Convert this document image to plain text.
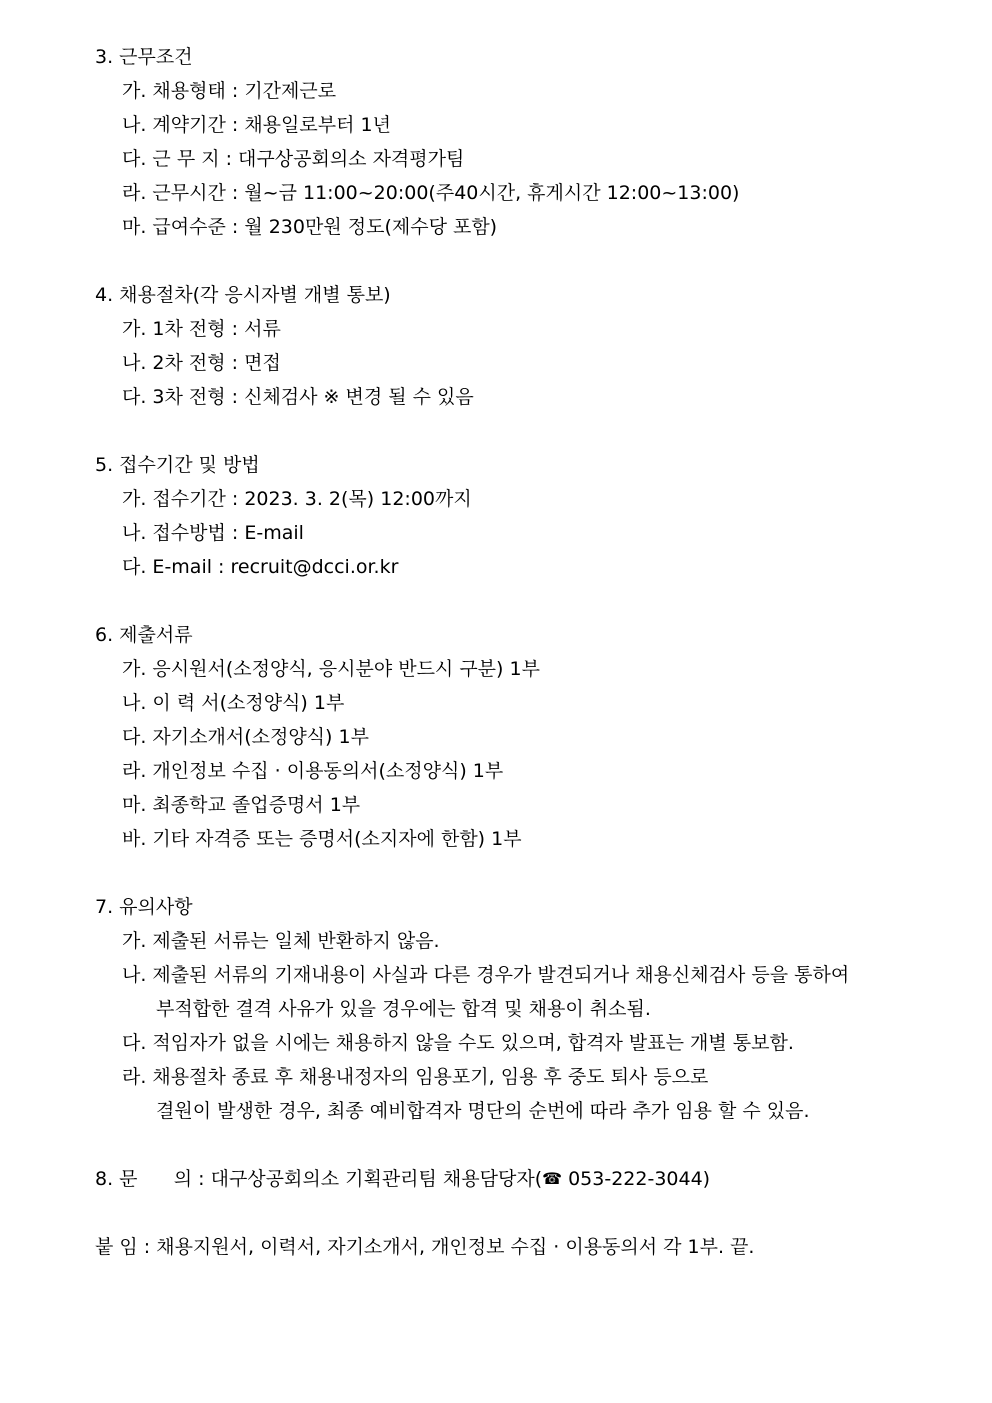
3. 근무조건
가. 채용형태 : 기간제근로
나. 계약기간 : 채용일로부터 1년
다. 근 무 지 : 대구상공회의소 자격평가팀
라. 근무시간 : 월~금 11:00~20:00(주40시간, 휴게시간 12:00~13:00)
마. 급여수준 : 월 230만원 정도(제수당 포함)
4. 채용절차(각 응시자별 개별 통보)
가. 1차 전형 : 서류
나. 2차 전형 : 면접
다. 3차 전형 : 신체검사 ※ 변경 될 수 있음
5. 접수기간 및 방법
가. 접수기간 : 2023. 3. 2(목) 12:00까지
나. 접수방법 : E-mail
다. E-mail : recruit@dcci.or.kr
6. 제출서류
가. 응시원서(소정양식, 응시분야 반드시 구분) 1부
나. 이 력 서(소정양식) 1부
다. 자기소개서(소정양식) 1부
라. 개인정보 수집 · 이용동의서(소정양식) 1부
마. 최종학교 졸업증명서 1부
바. 기타 자격증 또는 증명서(소지자에 한함) 1부
7. 유의사항
가. 제출된 서류는 일체 반환하지 않음.
나. 제출된 서류의 기재내용이 사실과 다른 경우가 발견되거나 채용신체검사 등을 통하여
부적합한 결격 사유가 있을 경우에는 합격 및 채용이 취소됨.
다. 적임자가 없을 시에는 채용하지 않을 수도 있으며, 합격자 발표는 개별 통보함.
라. 채용절차 종료 후 채용내정자의 임용포기, 임용 후 중도 퇴사 등으로
결원이 발생한 경우, 최종 예비합격자 명단의 순번에 따라 추가 임용 할 수 있음.
8. 문      의 : 대구상공회의소 기획관리팀 채용담당자(☎ 053-222-3044)
붙 임 : 채용지원서, 이력서, 자기소개서, 개인정보 수집 · 이용동의서 각 1부. 끝.
